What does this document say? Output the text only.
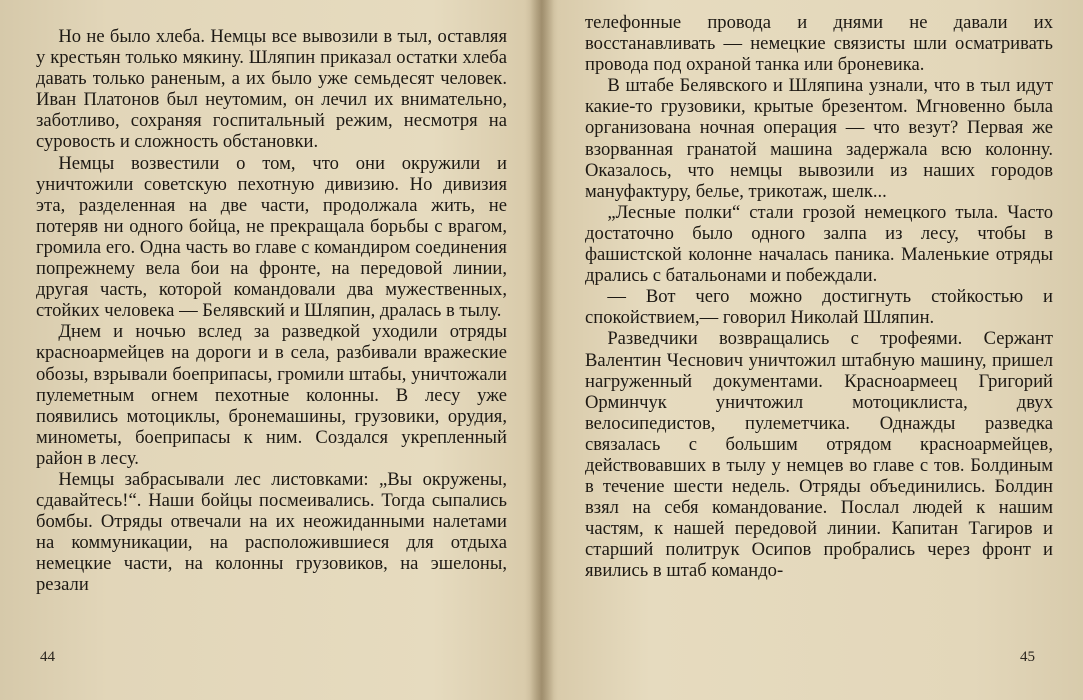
Но не было хлеба. Немцы все вывозили в тыл, оставляя у крестьян только мякину. Шляпин приказал остатки хлеба давать только раненым, а их было уже семьдесят человек. Иван Платонов был неутомим, он лечил их внимательно, заботливо, сохраняя госпитальный режим, несмотря на суровость и сложность обстановки.

Немцы возвестили о том, что они окружили и уничтожили советскую пехотную дивизию. Но дивизия эта, разделенная на две части, продолжала жить, не потеряв ни одного бойца, не прекращала борьбы с врагом, громила его. Одна часть во главе с командиром соединения попрежнему вела бои на фронте, на передовой линии, другая часть, которой командовали два мужественных, стойких человека — Белявский и Шляпин, дралась в тылу.

Днем и ночью вслед за разведкой уходили отряды красноармейцев на дороги и в села, разбивали вражеские обозы, взрывали боеприпасы, громили штабы, уничтожали пулеметным огнем пехотные колонны. В лесу уже появились мотоциклы, бронемашины, грузовики, орудия, минометы, боеприпасы к ним. Создался укрепленный район в лесу.

Немцы забрасывали лес листовками: „Вы окружены, сдавайтесь!“. Наши бойцы посмеивались. Тогда сыпались бомбы. Отряды отвечали на их неожиданными налетами на коммуникации, на расположившиеся для отдыха немецкие части, на колонны грузовиков, на эшелоны, резали

44

телефонные провода и днями не давали их восстанавливать — немецкие связисты шли осматривать провода под охраной танка или броневика.

В штабе Белявского и Шляпина узнали, что в тыл идут какие-то грузовики, крытые брезентом. Мгновенно была организована ночная операция — что везут? Первая же взорванная гранатой машина задержала всю колонну. Оказалось, что немцы вывозили из наших городов мануфактуру, белье, трикотаж, шелк...

„Лесные полки“ стали грозой немецкого тыла. Часто достаточно было одного залпа из лесу, чтобы в фашистской колонне началась паника. Маленькие отряды дрались с батальонами и побеждали.

— Вот чего можно достигнуть стойкостью и спокойствием,— говорил Николай Шляпин.

Разведчики возвращались с трофеями. Сержант Валентин Чеснович уничтожил штабную машину, пришел нагруженный документами. Красноармеец Григорий Орминчук уничтожил мотоциклиста, двух велосипедистов, пулеметчика. Однажды разведка связалась с большим отрядом красноармейцев, действовавших в тылу у немцев во главе с тов. Болдиным в течение шести недель. Отряды объединились. Болдин взял на себя командование. Послал людей к нашим частям, к нашей передовой линии. Капитан Тагиров и старший политрук Осипов пробрались через фронт и явились в штаб командо-

45
